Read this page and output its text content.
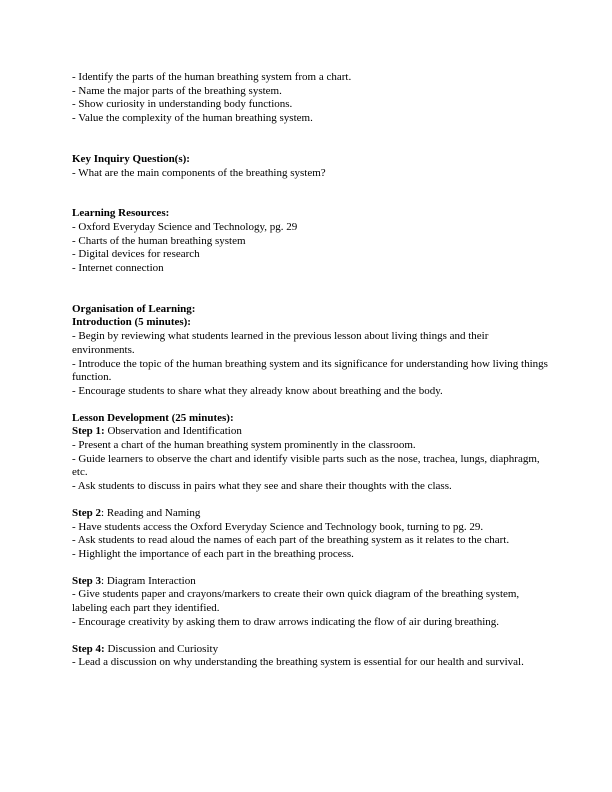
- Identify the parts of the human breathing system from a chart.
- Name the major parts of the breathing system.
- Show curiosity in understanding body functions.
- Value the complexity of the human breathing system.
Key Inquiry Question(s):
- What are the main components of the breathing system?
Learning Resources:
- Oxford Everyday Science and Technology, pg. 29
- Charts of the human breathing system
- Digital devices for research
- Internet connection
Organisation of Learning:
Introduction (5 minutes):
- Begin by reviewing what students learned in the previous lesson about living things and their environments.
- Introduce the topic of the human breathing system and its significance for understanding how living things function.
- Encourage students to share what they already know about breathing and the body.
Lesson Development (25 minutes):
Step 1: Observation and Identification
- Present a chart of the human breathing system prominently in the classroom.
- Guide learners to observe the chart and identify visible parts such as the nose, trachea, lungs, diaphragm, etc.
- Ask students to discuss in pairs what they see and share their thoughts with the class.
Step 2: Reading and Naming
- Have students access the Oxford Everyday Science and Technology book, turning to pg. 29.
- Ask students to read aloud the names of each part of the breathing system as it relates to the chart.
- Highlight the importance of each part in the breathing process.
Step 3: Diagram Interaction
- Give students paper and crayons/markers to create their own quick diagram of the breathing system, labeling each part they identified.
- Encourage creativity by asking them to draw arrows indicating the flow of air during breathing.
Step 4: Discussion and Curiosity
- Lead a discussion on why understanding the breathing system is essential for our health and survival.
